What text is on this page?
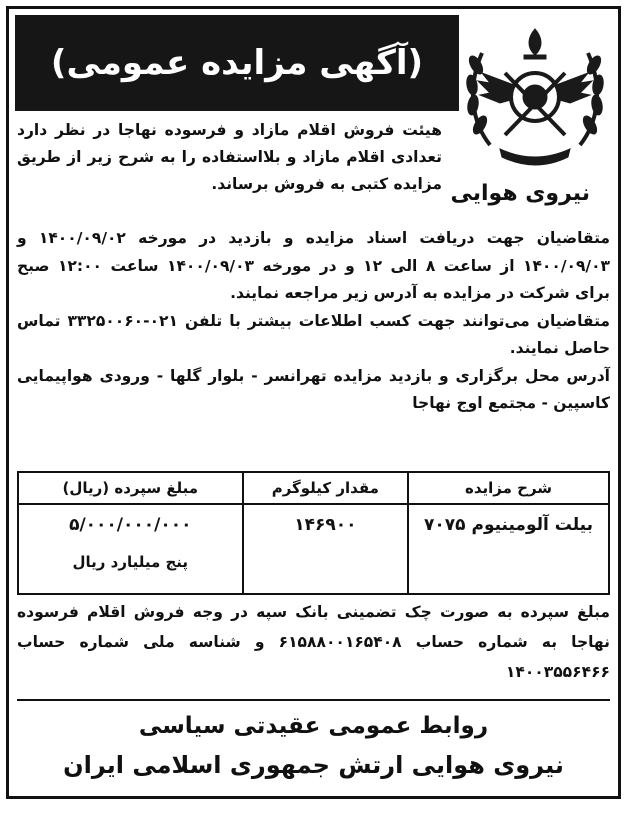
(آگهی مزایده عمومی)
نیروی هوایی
هیئت فروش اقلام مازاد و فرسوده نهاجا در نظر دارد تعدادی اقلام مازاد و بلااستفاده را به شرح زیر از طریق مزایده کتبی به فروش برساند.

متقاضیان جهت دریافت اسناد مزایده و بازدید در مورخه ۱۴۰۰/۰۹/۰۲ و ۱۴۰۰/۰۹/۰۳ از ساعت ۸ الی ۱۲ و در مورخه ۱۴۰۰/۰۹/۰۳ ساعت ۱۲:۰۰ صبح برای شرکت در مزایده به آدرس زیر مراجعه نمایند.

متقاضیان می‌توانند جهت کسب اطلاعات بیشتر با تلفن ۰۲۱-۳۳۲۵۰۰۶۰ تماس حاصل نمایند.

آدرس محل برگزاری و بازدید مزایده تهرانسر - بلوار گلها - ورودی هواپیمایی کاسپین - مجتمع اوج نهاجا

شرح مزایده	مقدار کیلوگرم	مبلغ سپرده (ریال)

بیلت آلومینیوم ۷۰۷۵	۱۴۶۹۰۰	۵/۰۰۰/۰۰۰/۰۰۰
پنج میلیارد ریال
مبلغ سپرده به صورت چک تضمینی بانک سپه در وجه فروش اقلام فرسوده نهاجا به شماره حساب ۶۱۵۸۸۰۰۱۶۵۴۰۸ و شناسه ملی شماره حساب ۱۴۰۰۳۵۵۶۴۶۶
روابط عمومی عقیدتی سیاسی
نیروی هوایی ارتش جمهوری اسلامی ایران
